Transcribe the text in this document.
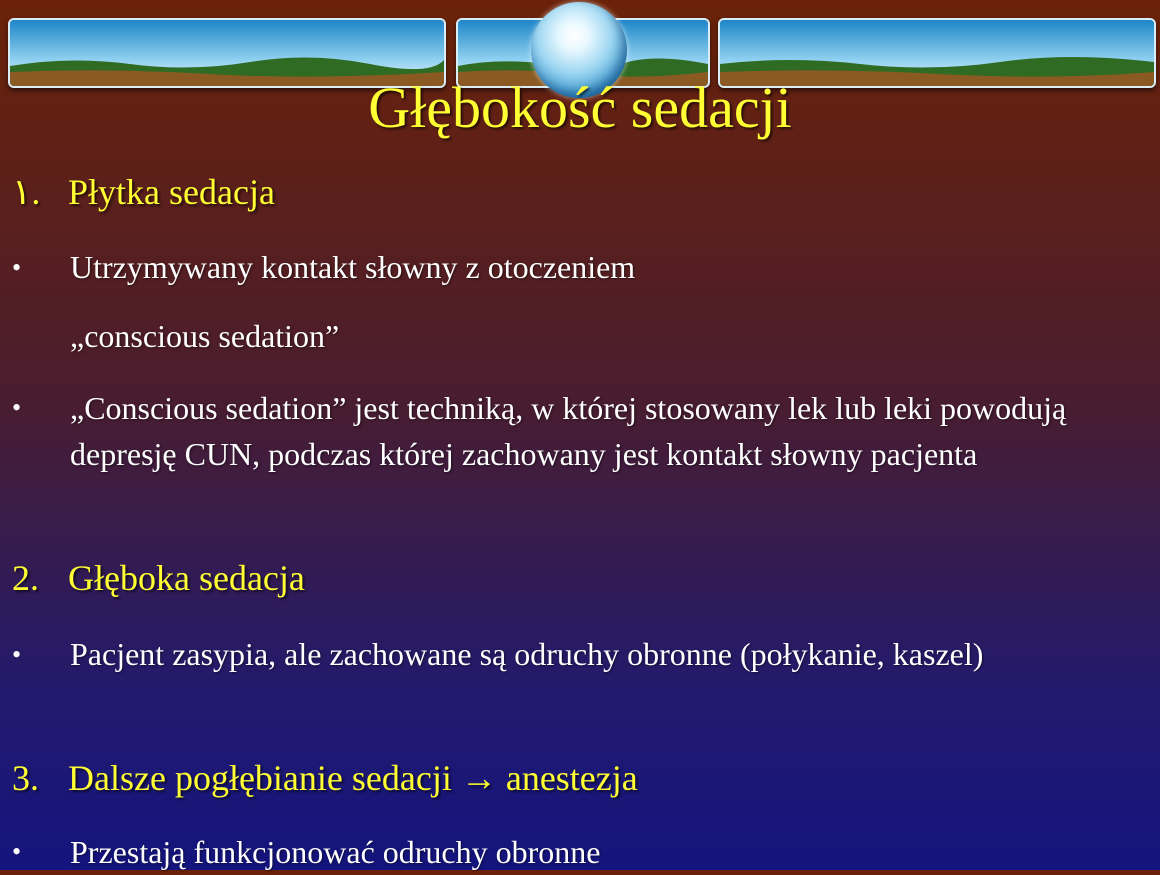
Głębokość sedacji
١. Płytka sedacja
• Utrzymywany kontakt słowny z otoczeniem
„conscious sedation”
• „Conscious sedation” jest techniką, w której stosowany lek lub leki powodują depresję CUN, podczas której zachowany jest kontakt słowny pacjenta
2. Głęboka sedacja
• Pacjent zasypia, ale zachowane są odruchy obronne (połykanie, kaszel)
3. Dalsze pogłębianie sedacji → anestezja
• Przestają funkcjonować odruchy obronne
